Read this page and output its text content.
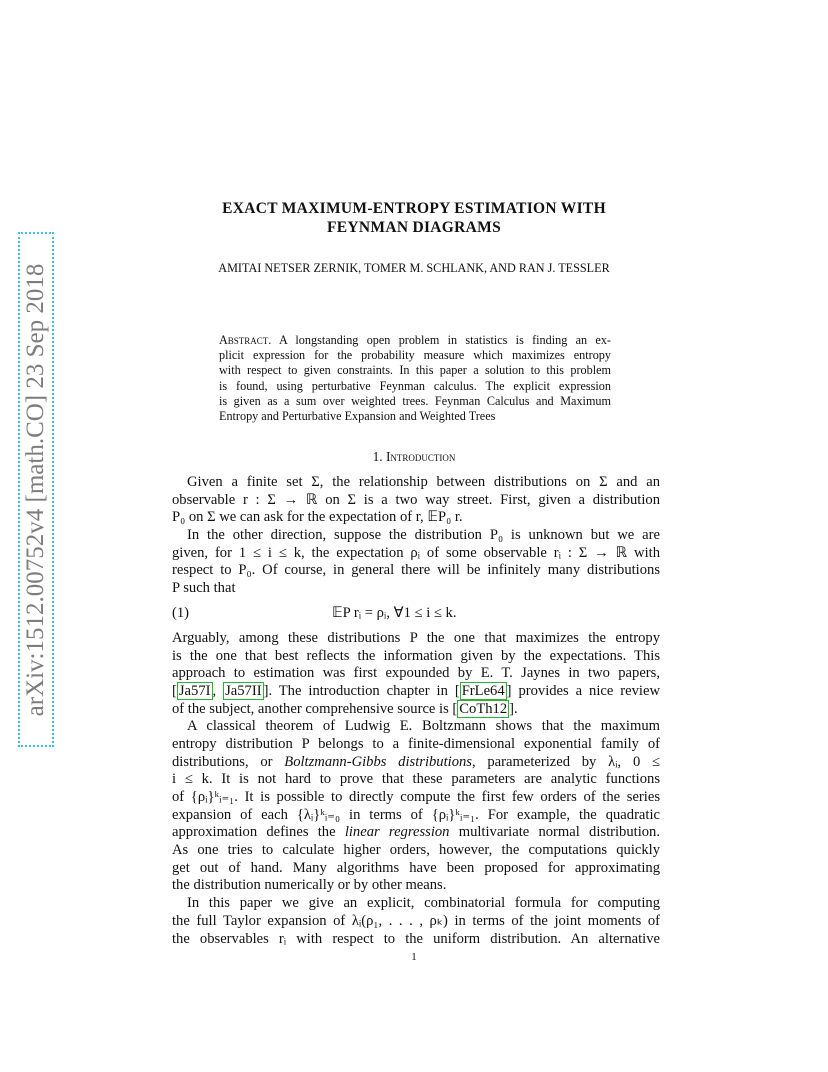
arXiv:1512.00752v4 [math.CO] 23 Sep 2018
EXACT MAXIMUM-ENTROPY ESTIMATION WITH
FEYNMAN DIAGRAMS
AMITAI NETSER ZERNIK, TOMER M. SCHLANK, AND RAN J. TESSLER
Abstract. A longstanding open problem in statistics is finding an ex-
plicit expression for the probability measure which maximizes entropy
with respect to given constraints. In this paper a solution to this problem
is found, using perturbative Feynman calculus. The explicit expression
is given as a sum over weighted trees. Feynman Calculus and Maximum
Entropy and Perturbative Expansion and Weighted Trees
1. Introduction
Given a finite set Σ, the relationship between distributions on Σ and an
observable r : Σ → ℝ on Σ is a two way street. First, given a distribution
P₀ on Σ we can ask for the expectation of r, 𝔼P₀ r.
In the other direction, suppose the distribution P₀ is unknown but we are
given, for 1 ≤ i ≤ k, the expectation ρᵢ of some observable rᵢ : Σ → ℝ with
respect to P₀. Of course, in general there will be infinitely many distributions
P such that
(1)	𝔼P rᵢ = ρᵢ, ∀1 ≤ i ≤ k.
Arguably, among these distributions P the one that maximizes the entropy
is the one that best reflects the information given by the expectations. This
approach to estimation was first expounded by E. T. Jaynes in two papers,
[ Ja57I , Ja57II ]. The introduction chapter in [ FrLe64 ] provides a nice review
of the subject, another comprehensive source is [ CoTh12 ].
A classical theorem of Ludwig E. Boltzmann shows that the maximum
entropy distribution P belongs to a finite-dimensional exponential family of
distributions, or Boltzmann-Gibbs distributions, parameterized by λᵢ, 0 ≤
i ≤ k. It is not hard to prove that these parameters are analytic functions
of {ρᵢ}ᵏᵢ₌₁. It is possible to directly compute the first few orders of the series
expansion of each {λᵢ}ᵏᵢ₌₀ in terms of {ρᵢ}ᵏᵢ₌₁. For example, the quadratic
approximation defines the linear regression multivariate normal distribution.
As one tries to calculate higher orders, however, the computations quickly
get out of hand. Many algorithms have been proposed for approximating
the distribution numerically or by other means.
In this paper we give an explicit, combinatorial formula for computing
the full Taylor expansion of λᵢ(ρ₁, . . . , ρₖ) in terms of the joint moments of
the observables rᵢ with respect to the uniform distribution. An alternative
1
